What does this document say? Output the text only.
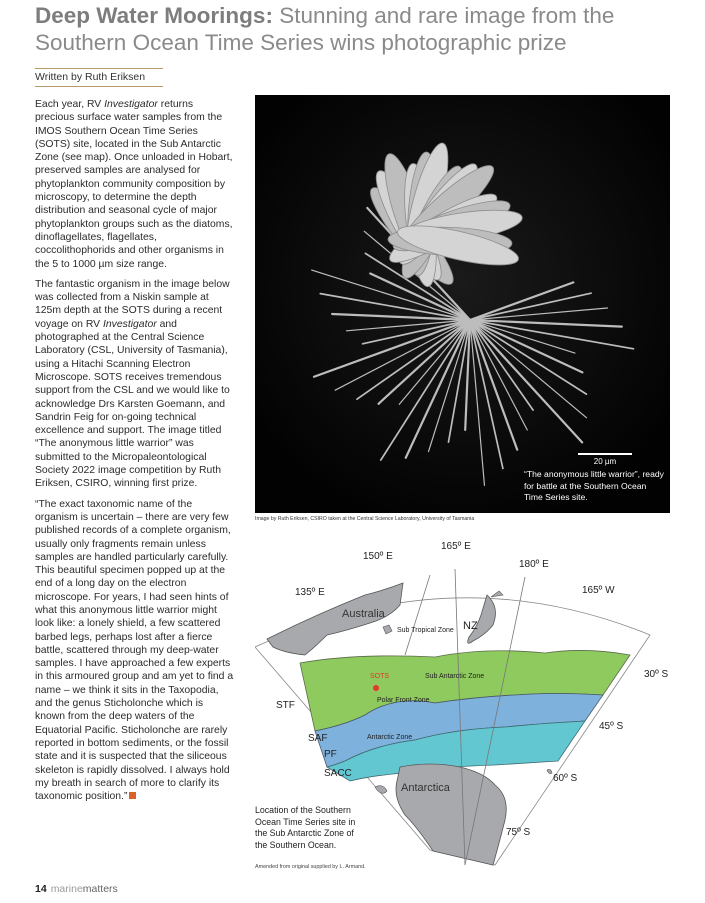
Deep Water Moorings: Stunning and rare image from the Southern Ocean Time Series wins photographic prize
Written by Ruth Eriksen

Each year, RV Investigator returns precious surface water samples from the IMOS Southern Ocean Time Series (SOTS) site, located in the Sub Antarctic Zone (see map). Once unloaded in Hobart, preserved samples are analysed for phytoplankton community composition by microscopy, to determine the depth distribution and seasonal cycle of major phytoplankton groups such as the diatoms, dinoflagellates, flagellates, coccolithophorids and other organisms in the 5 to 1000 µm size range.

The fantastic organism in the image below was collected from a Niskin sample at 125m depth at the SOTS during a recent voyage on RV Investigator and photographed at the Central Science Laboratory (CSL, University of Tasmania), using a Hitachi Scanning Electron Microscope. SOTS receives tremendous support from the CSL and we would like to acknowledge Drs Karsten Goemann, and Sandrin Feig for on-going technical excellence and support. The image titled “The anonymous little warrior” was submitted to the Micropaleontological Society 2022 image competition by Ruth Eriksen, CSIRO, winning first prize.

“The exact taxonomic name of the organism is uncertain – there are very few published records of a complete organism, usually only fragments remain unless samples are handled particularly carefully. This beautiful specimen popped up at the end of a long day on the electron microscope. For years, I had seen hints of what this anonymous little warrior might look like: a lonely shield, a few scattered barbed legs, perhaps lost after a fierce battle, scattered through my deep-water samples. I have approached a few experts in this armoured group and am yet to find a name – we think it sits in the Taxopodia, and the genus Sticholonche which is known from the deep waters of the Equatorial Pacific. Sticholonche are rarely reported in bottom sediments, or the fossil state and it is suspected that the siliceous skeleton is rapidly dissolved. I always hold my breath in search of more to clarify its taxonomic position.”

20 µm
“The anonymous little warrior”, ready for battle at the Southern Ocean Time Series site.
Image by Ruth Eriksen, CSIRO taken at the Central Science Laboratory, University of Tasmania
SOTS
135º E
150º E
165º E
180º E
165º W
30º S
45º S
60º S
75º S
STF
SAF
PF
SACC
Australia
NZ
Antarctica
Sub Tropical Zone
Sub Antarctic Zone
Polar Front Zone
Antarctic Zone
Location of the Southern Ocean Time Series site in the Sub Antarctic Zone of the Southern Ocean.
Amended from original supplied by L. Armand.
14 marinematters
